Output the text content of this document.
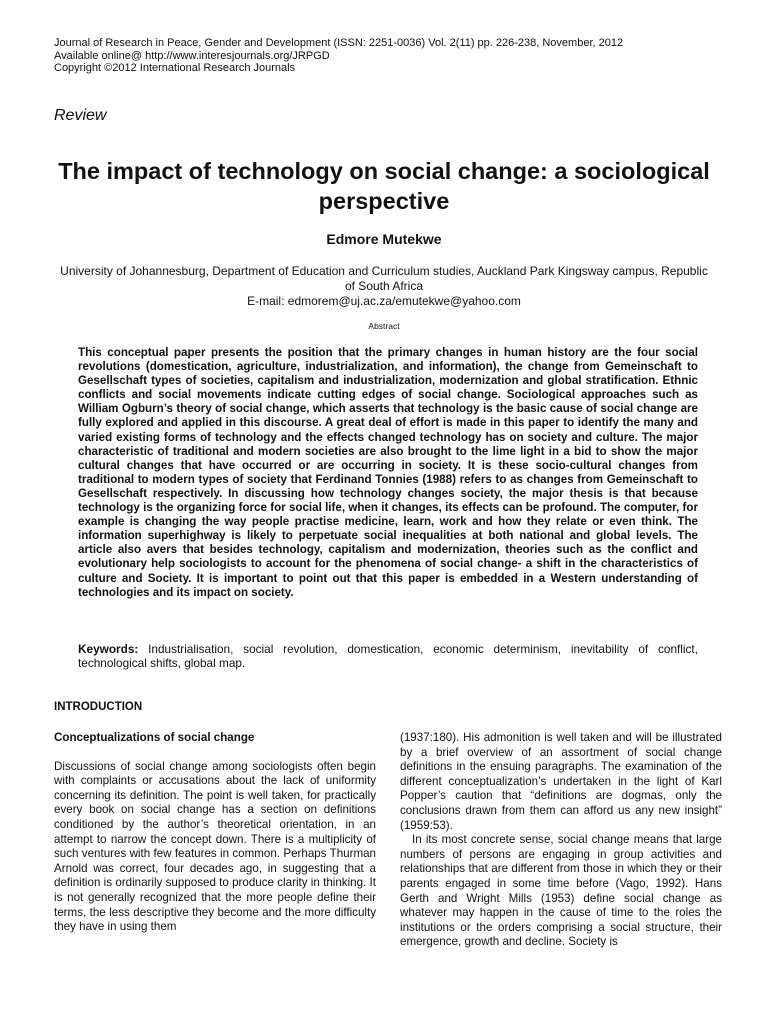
Journal of Research in Peace, Gender and Development (ISSN: 2251-0036) Vol. 2(11) pp. 226-238, November, 2012
Available online@ http://www.interesjournals.org/JRPGD
Copyright ©2012 International Research Journals
Review
The impact of technology on social change: a sociological perspective
Edmore Mutekwe
University of Johannesburg, Department of Education and Curriculum studies, Auckland Park Kingsway campus, Republic of South Africa
E-mail: edmorem@uj.ac.za/emutekwe@yahoo.com
Abstract
This conceptual paper presents the position that the primary changes in human history are the four social revolutions (domestication, agriculture, industrialization, and information), the change from Gemeinschaft to Gesellschaft types of societies, capitalism and industrialization, modernization and global stratification. Ethnic conflicts and social movements indicate cutting edges of social change. Sociological approaches such as William Ogburn’s theory of social change, which asserts that technology is the basic cause of social change are fully explored and applied in this discourse. A great deal of effort is made in this paper to identify the many and varied existing forms of technology and the effects changed technology has on society and culture. The major characteristic of traditional and modern societies are also brought to the lime light in a bid to show the major cultural changes that have occurred or are occurring in society. It is these socio-cultural changes from traditional to modern types of society that Ferdinand Tonnies (1988) refers to as changes from Gemeinschaft to Gesellschaft respectively. In discussing how technology changes society, the major thesis is that because technology is the organizing force for social life, when it changes, its effects can be profound. The computer, for example is changing the way people practise medicine, learn, work and how they relate or even think. The information superhighway is likely to perpetuate social inequalities at both national and global levels. The article also avers that besides technology, capitalism and modernization, theories such as the conflict and evolutionary help sociologists to account for the phenomena of social change- a shift in the characteristics of culture and Society. It is important to point out that this paper is embedded in a Western understanding of technologies and its impact on society.
Keywords: Industrialisation, social revolution, domestication, economic determinism, inevitability of conflict, technological shifts, global map.
INTRODUCTION
Conceptualizations of social change

Discussions of social change among sociologists often begin with complaints or accusations about the lack of uniformity concerning its definition. The point is well taken, for practically every book on social change has a section on definitions conditioned by the author’s theoretical orientation, in an attempt to narrow the concept down. There is a multiplicity of such ventures with few features in common. Perhaps Thurman Arnold was correct, four decades ago, in suggesting that a definition is ordinarily supposed to produce clarity in thinking. It is not generally recognized that the more people define their terms, the less descriptive they become and the more difficulty they have in using them

(1937:180). His admonition is well taken and will be illustrated by a brief overview of an assortment of social change definitions in the ensuing paragraphs. The examination of the different conceptualization’s undertaken in the light of Karl Popper’s caution that “definitions are dogmas, only the conclusions drawn from them can afford us any new insight” (1959:53).

In its most concrete sense, social change means that large numbers of persons are engaging in group activities and relationships that are different from those in which they or their parents engaged in some time before (Vago, 1992). Hans Gerth and Wright Mills (1953) define social change as whatever may happen in the cause of time to the roles the institutions or the orders comprising a social structure, their emergence, growth and decline. Society is
